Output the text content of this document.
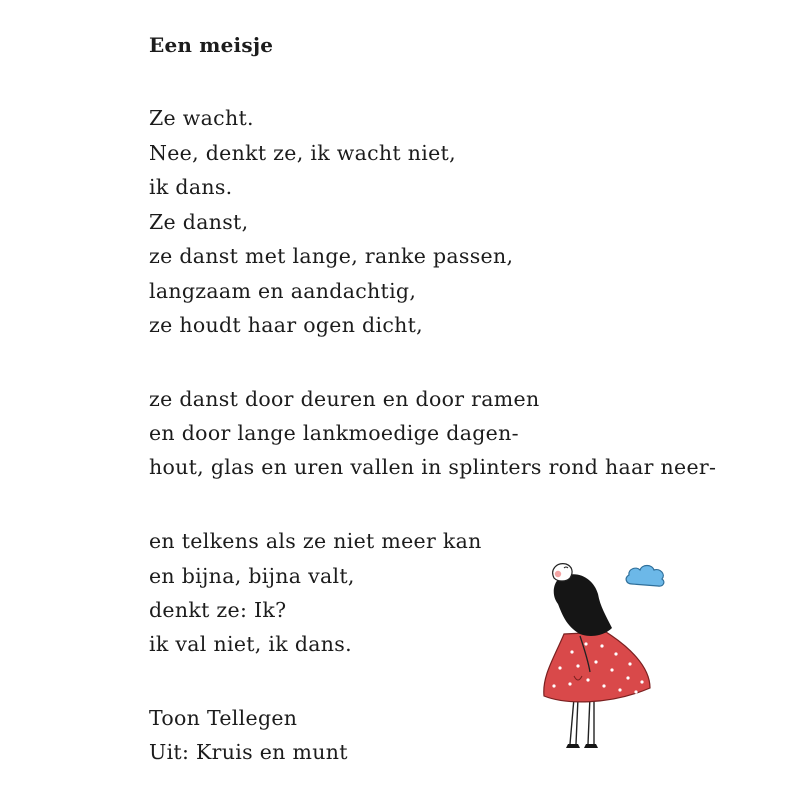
Een meisje
Ze wacht.
Nee, denkt ze, ik wacht niet,
ik dans.
Ze danst,
ze danst met lange, ranke passen,
langzaam en aandachtig,
ze houdt haar ogen dicht,
ze danst door deuren en door ramen
en door lange lankmoedige dagen-
hout, glas en uren vallen in splinters rond haar neer-
en telkens als ze niet meer kan
en bijna, bijna valt,
denkt ze: Ik?
ik val niet, ik dans.
Toon Tellegen
Uit: Kruis en munt
